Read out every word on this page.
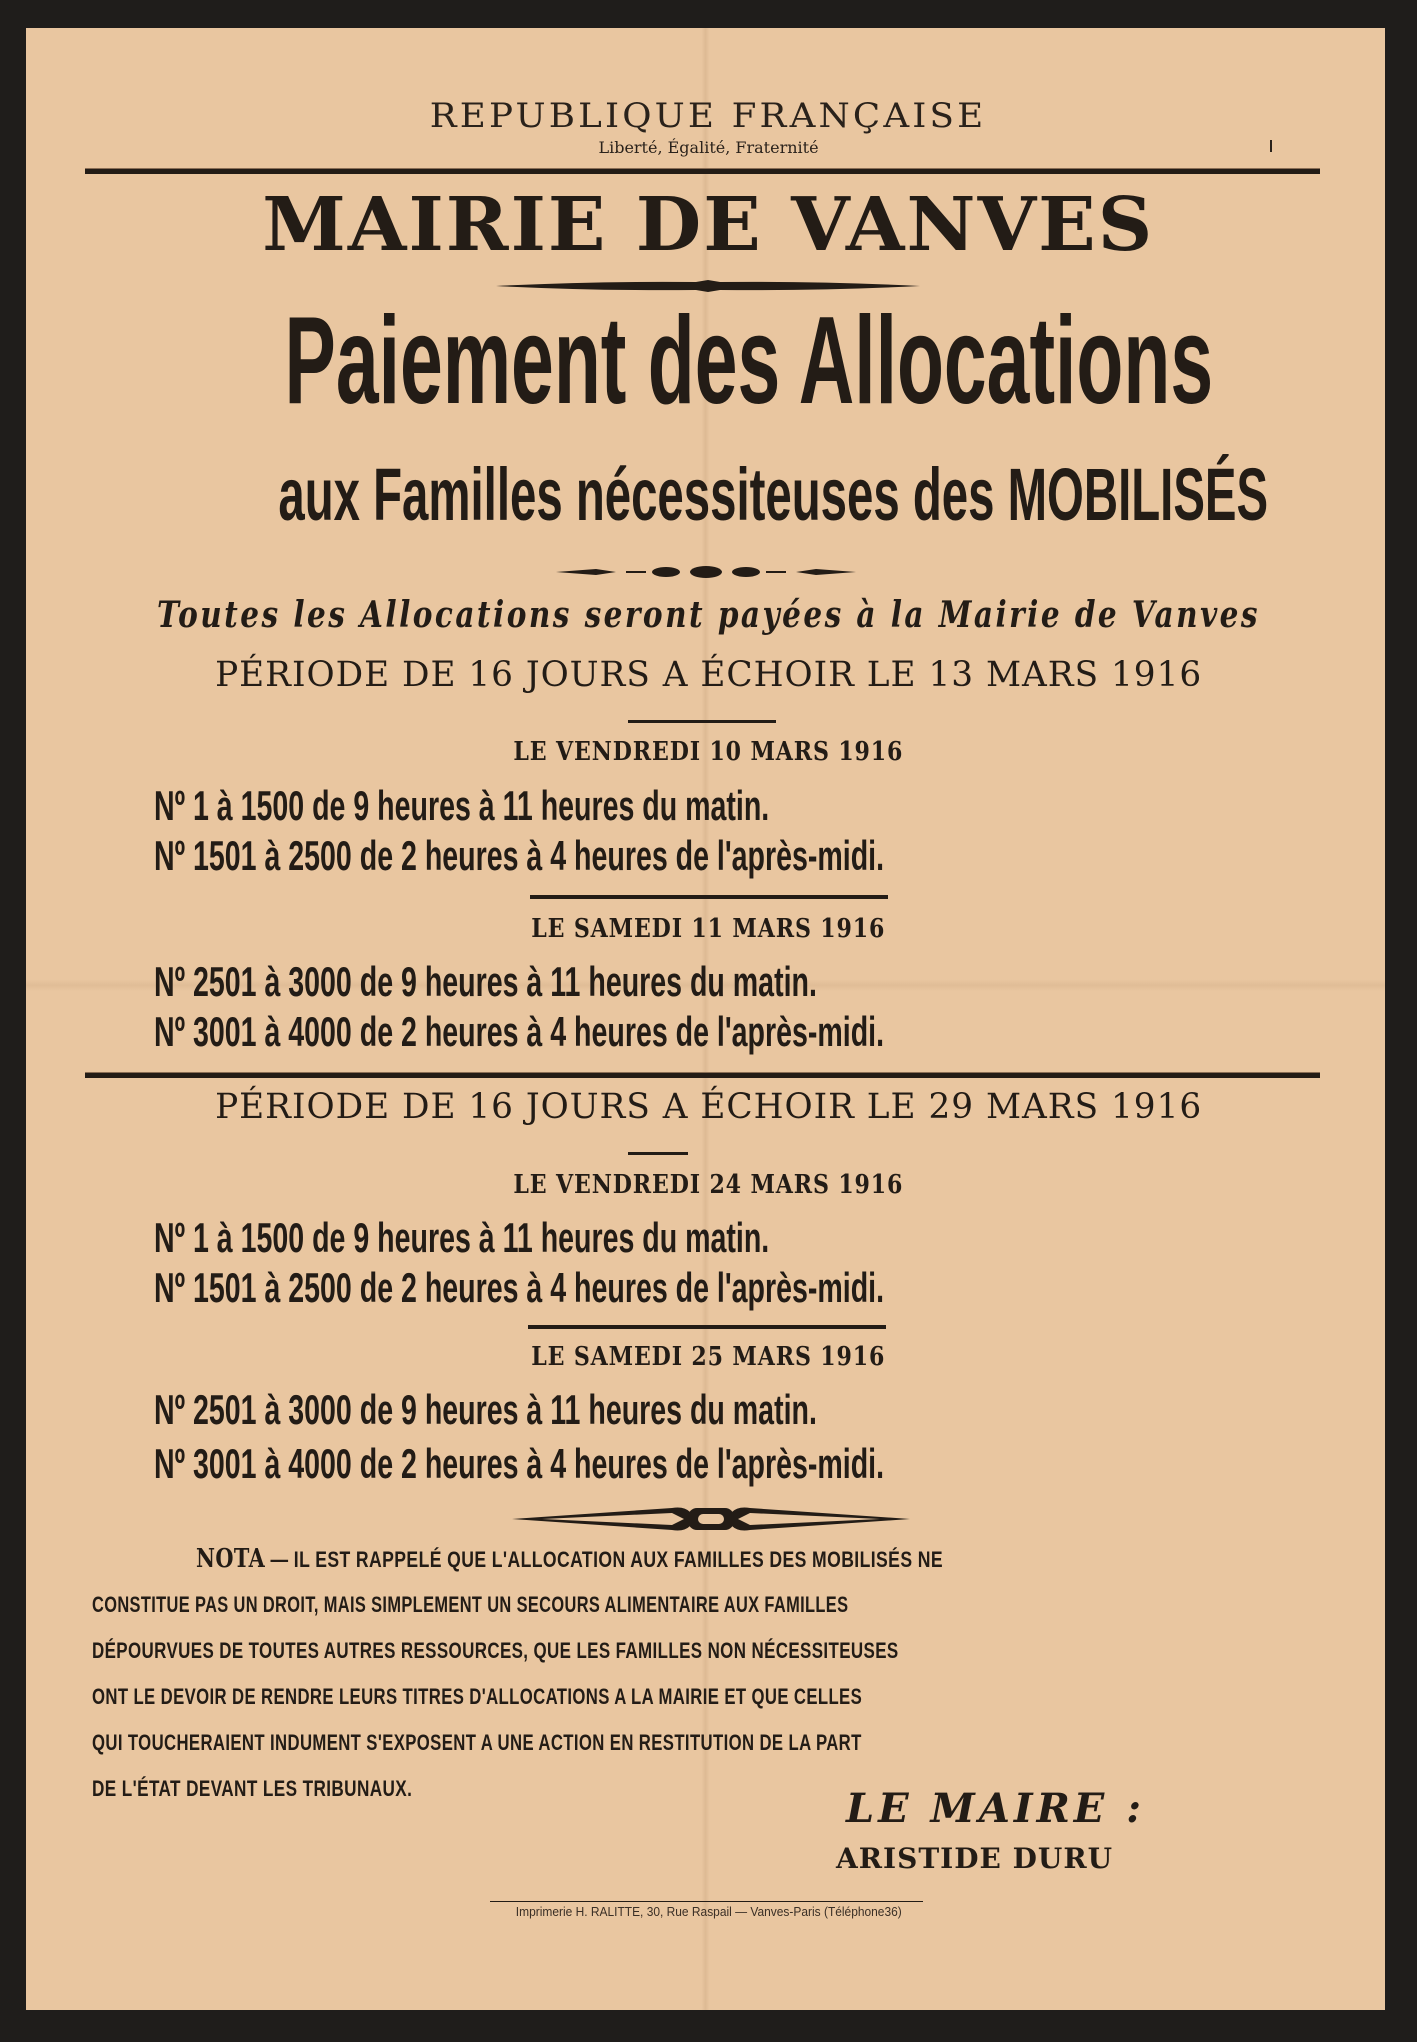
REPUBLIQUE FRANÇAISE
Liberté, Égalité, Fraternité
MAIRIE DE VANVES
Paiement des Allocations
aux Familles nécessiteuses des MOBILISÉS
Toutes les Allocations seront payées à la Mairie de Vanves
PÉRIODE DE 16 JOURS A ÉCHOIR LE 13 MARS 1916
LE VENDREDI 10 MARS 1916
Nº 1 à 1500 de 9 heures à 11 heures du matin.
Nº 1501 à 2500 de 2 heures à 4 heures de l'après-midi.
LE SAMEDI 11 MARS 1916
Nº 2501 à 3000 de 9 heures à 11 heures du matin.
Nº 3001 à 4000 de 2 heures à 4 heures de l'après-midi.
PÉRIODE DE 16 JOURS A ÉCHOIR LE 29 MARS 1916
LE VENDREDI 24 MARS 1916
Nº 1 à 1500 de 9 heures à 11 heures du matin.
Nº 1501 à 2500 de 2 heures à 4 heures de l'après-midi.
LE SAMEDI 25 MARS 1916
Nº 2501 à 3000 de 9 heures à 11 heures du matin.
Nº 3001 à 4000 de 2 heures à 4 heures de l'après-midi.
NOTA — IL EST RAPPELÉ QUE L'ALLOCATION AUX FAMILLES DES MOBILISÉS NE
CONSTITUE PAS UN DROIT, MAIS SIMPLEMENT UN SECOURS ALIMENTAIRE AUX FAMILLES
DÉPOURVUES DE TOUTES AUTRES RESSOURCES, QUE LES FAMILLES NON NÉCESSITEUSES
ONT LE DEVOIR DE RENDRE LEURS TITRES D'ALLOCATIONS A LA MAIRIE ET QUE CELLES
QUI TOUCHERAIENT INDUMENT S'EXPOSENT A UNE ACTION EN RESTITUTION DE LA PART
DE L'ÉTAT DEVANT LES TRIBUNAUX.	LE MAIRE :
ARISTIDE DURU
Imprimerie H. RALITTE, 30, Rue Raspail — Vanves-Paris (Téléphone36)
